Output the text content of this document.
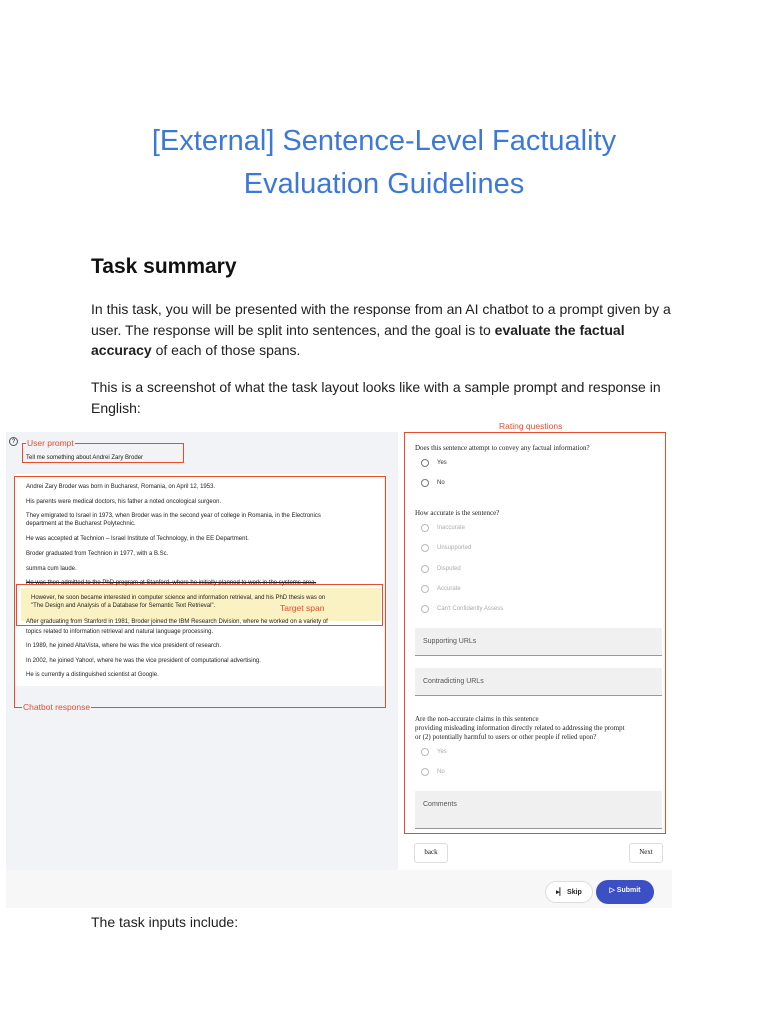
[External] Sentence-Level Factuality
Evaluation Guidelines
Task summary
In this task, you will be presented with the response from an AI chatbot to a prompt given by a user. The response will be split into sentences, and the goal is to evaluate the factual accuracy of each of those spans.
This is a screenshot of what the task layout looks like with a sample prompt and response in English:
Rating questions
?	User prompt
Tell me something about Andrei Zary Broder
Chatbot response
Target span
Andrei Zary Broder was born in Bucharest, Romania, on April 12, 1953.
His parents were medical doctors, his father a noted oncological surgeon.
They emigrated to Israel in 1973, when Broder was in the second year of college in Romania, in the Electronics
department at the Bucharest Polytechnic.
He was accepted at Technion – Israel Institute of Technology, in the EE Department.
Broder graduated from Technion in 1977, with a B.Sc.
summa cum laude.
He was then admitted to the PhD program at Stanford, where he initially planned to work in the systems area.
However, he soon became interested in computer science and information retrieval, and his PhD thesis was on
"The Design and Analysis of a Database for Semantic Text Retrieval".
After graduating from Stanford in 1981, Broder joined the IBM Research Division, where he worked on a variety of
topics related to information retrieval and natural language processing.
In 1989, he joined AltaVista, where he was the vice president of research.
In 2002, he joined Yahoo!, where he was the vice president of computational advertising.
He is currently a distinguished scientist at Google.
Does this sentence attempt to convey any factual information?
Yes
No
How accurate is the sentence?
Inaccurate
Unsupported
Disputed
Accurate
Can't Confidently Assess
Supporting URLs
Contradicting URLs
Are the non-accurate claims in this sentence
providing misleading information directly related to addressing the prompt
or (2) potentially harmful to users or other people if relied upon?
Yes
No
Comments
back	Next
▸▏ Skip	▷ Submit
The task inputs include:
